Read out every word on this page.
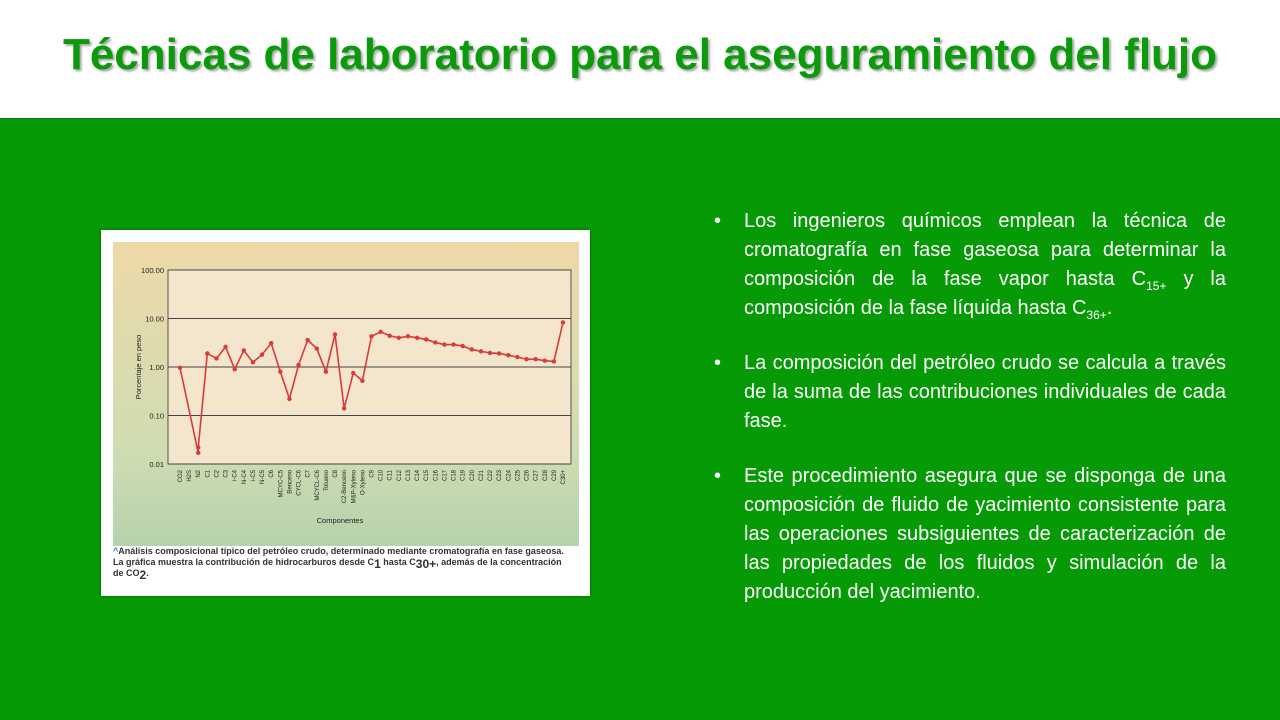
Técnicas de laboratorio para el aseguramiento del flujo
0.01
0.10
1.00
10.00
100.00
Porcentaje en peso
CO2 H2S N2 C1 C2 C3 i-C4 N-C4 i-C5 N-C5 C6 MCYC-C5 Benceno CYCL-C6 C7 MCYCL-C6 Tolueno C8 C2-Benceno M&P-Xyleno O-Xyleno C9 C10 C11 C12 C13 C14 C15 C16 C17 C18 C19 C20 C21 C22 C23 C24 C25 C26 C27 C28 C29 C30+
Componentes
^Análisis composicional típico del petróleo crudo, determinado mediante cromatografía en fase gaseosa. La gráfica muestra la contribución de hidrocarburos desde $C_1$ hasta $C_{30+}$, además de la concentración de $CO_2$.
• Los ingenieros químicos emplean la técnica de cromatografía en fase gaseosa para determinar la composición de la fase vapor hasta $C_{15+}$ y la composición de la fase líquida hasta $C_{36+}$.
• La composición del petróleo crudo se calcula a través de la suma de las contribuciones individuales de cada fase.
• Este procedimiento asegura que se disponga de una composición de fluido de yacimiento consistente para las operaciones subsiguientes de caracterización de las propiedades de los fluidos y simulación de la producción del yacimiento.
